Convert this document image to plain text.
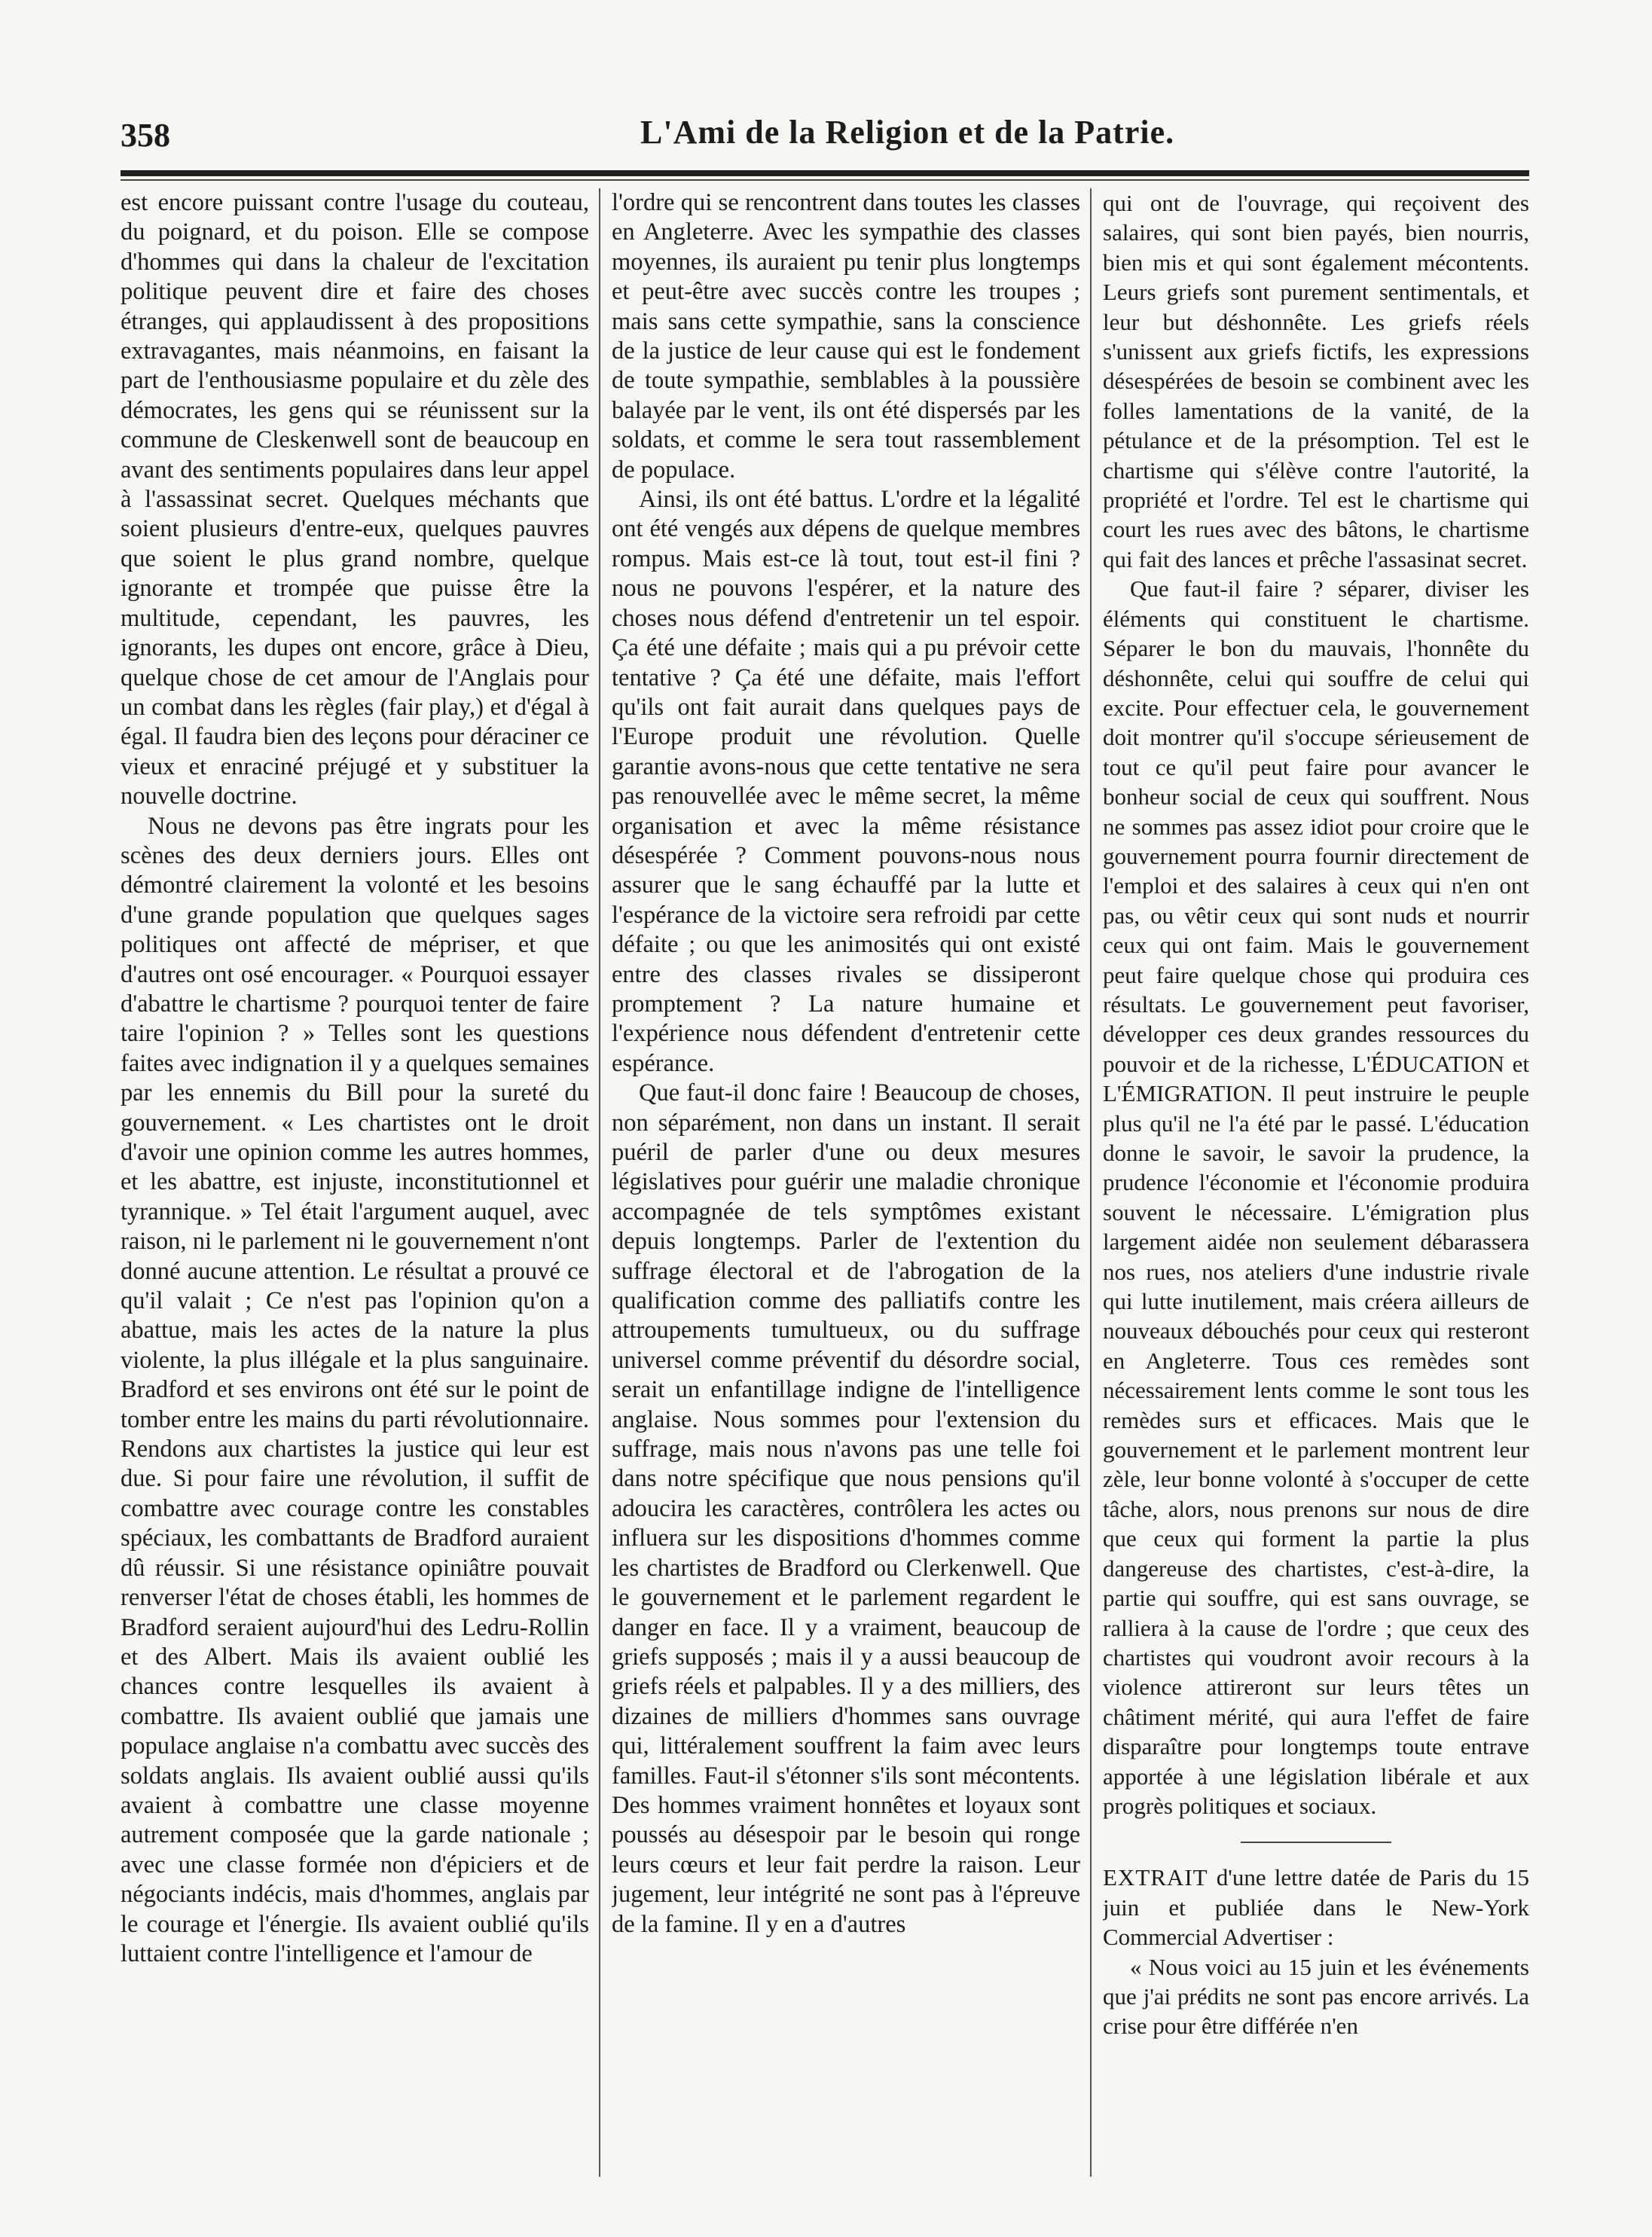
358	L'Ami de la Religion et de la Patrie.

est encore puissant contre l'usage du couteau, du poignard, et du poison. Elle se compose d'hommes qui dans la chaleur de l'excitation politique peuvent dire et faire des choses étranges, qui applaudissent à des propositions extravagantes, mais néanmoins, en faisant la part de l'enthousiasme populaire et du zèle des démocrates, les gens qui se réunissent sur la commune de Cleskenwell sont de beaucoup en avant des sentiments populaires dans leur appel à l'assassinat secret. Quelques méchants que soient plusieurs d'entre-eux, quelques pauvres que soient le plus grand nombre, quelque ignorante et trompée que puisse être la multitude, cependant, les pauvres, les ignorants, les dupes ont encore, grâce à Dieu, quelque chose de cet amour de l'Anglais pour un combat dans les règles (fair play,) et d'égal à égal. Il faudra bien des leçons pour déraciner ce vieux et enraciné préjugé et y substituer la nouvelle doctrine.

Nous ne devons pas être ingrats pour les scènes des deux derniers jours. Elles ont démontré clairement la volonté et les besoins d'une grande population que quelques sages politiques ont affecté de mépriser, et que d'autres ont osé encourager. « Pourquoi essayer d'abattre le chartisme ? pourquoi tenter de faire taire l'opinion ? » Telles sont les questions faites avec indignation il y a quelques semaines par les ennemis du Bill pour la sureté du gouvernement. « Les chartistes ont le droit d'avoir une opinion comme les autres hommes, et les abattre, est injuste, inconstitutionnel et tyrannique. » Tel était l'argument auquel, avec raison, ni le parlement ni le gouvernement n'ont donné aucune attention. Le résultat a prouvé ce qu'il valait ; Ce n'est pas l'opinion qu'on a abattue, mais les actes de la nature la plus violente, la plus illégale et la plus sanguinaire. Bradford et ses environs ont été sur le point de tomber entre les mains du parti révolutionnaire. Rendons aux chartistes la justice qui leur est due. Si pour faire une révolution, il suffit de combattre avec courage contre les constables spéciaux, les combattants de Bradford auraient dû réussir. Si une résistance opiniâtre pouvait renverser l'état de choses établi, les hommes de Bradford seraient aujourd'hui des Ledru-Rollin et des Albert. Mais ils avaient oublié les chances contre lesquelles ils avaient à combattre. Ils avaient oublié que jamais une populace anglaise n'a combattu avec succès des soldats anglais. Ils avaient oublié aussi qu'ils avaient à combattre une classe moyenne autrement composée que la garde nationale ; avec une classe formée non d'épiciers et de négociants indécis, mais d'hommes, anglais par le courage et l'énergie. Ils avaient oublié qu'ils luttaient contre l'intelligence et l'amour de

l'ordre qui se rencontrent dans toutes les classes en Angleterre. Avec les sympathie des classes moyennes, ils auraient pu tenir plus longtemps et peut-être avec succès contre les troupes ; mais sans cette sympathie, sans la conscience de la justice de leur cause qui est le fondement de toute sympathie, semblables à la poussière balayée par le vent, ils ont été dispersés par les soldats, et comme le sera tout rassemblement de populace.

Ainsi, ils ont été battus. L'ordre et la légalité ont été vengés aux dépens de quelque membres rompus. Mais est-ce là tout, tout est-il fini ? nous ne pouvons l'espérer, et la nature des choses nous défend d'entretenir un tel espoir. Ça été une défaite ; mais qui a pu prévoir cette tentative ? Ça été une défaite, mais l'effort qu'ils ont fait aurait dans quelques pays de l'Europe produit une révolution. Quelle garantie avons-nous que cette tentative ne sera pas renouvellée avec le même secret, la même organisation et avec la même résistance désespérée ? Comment pouvons-nous nous assurer que le sang échauffé par la lutte et l'espérance de la victoire sera refroidi par cette défaite ; ou que les animosités qui ont existé entre des classes rivales se dissiperont promptement ? La nature humaine et l'expérience nous défendent d'entretenir cette espérance.

Que faut-il donc faire ! Beaucoup de choses, non séparément, non dans un instant. Il serait puéril de parler d'une ou deux mesures législatives pour guérir une maladie chronique accompagnée de tels symptômes existant depuis longtemps. Parler de l'extention du suffrage électoral et de l'abrogation de la qualification comme des palliatifs contre les attroupements tumultueux, ou du suffrage universel comme préventif du désordre social, serait un enfantillage indigne de l'intelligence anglaise. Nous sommes pour l'extension du suffrage, mais nous n'avons pas une telle foi dans notre spécifique que nous pensions qu'il adoucira les caractères, contrôlera les actes ou influera sur les dispositions d'hommes comme les chartistes de Bradford ou Clerkenwell. Que le gouvernement et le parlement regardent le danger en face. Il y a vraiment, beaucoup de griefs supposés ; mais il y a aussi beaucoup de griefs réels et palpables. Il y a des milliers, des dizaines de milliers d'hommes sans ouvrage qui, littéralement souffrent la faim avec leurs familles. Faut-il s'étonner s'ils sont mécontents. Des hommes vraiment honnêtes et loyaux sont poussés au désespoir par le besoin qui ronge leurs cœurs et leur fait perdre la raison. Leur jugement, leur intégrité ne sont pas à l'épreuve de la famine. Il y en a d'autres

qui ont de l'ouvrage, qui reçoivent des salaires, qui sont bien payés, bien nourris, bien mis et qui sont également mécontents. Leurs griefs sont purement sentimentals, et leur but déshonnête. Les griefs réels s'unissent aux griefs fictifs, les expressions désespérées de besoin se combinent avec les folles lamentations de la vanité, de la pétulance et de la présomption. Tel est le chartisme qui s'élève contre l'autorité, la propriété et l'ordre. Tel est le chartisme qui court les rues avec des bâtons, le chartisme qui fait des lances et prêche l'assasinat secret.

Que faut-il faire ? séparer, diviser les éléments qui constituent le chartisme. Séparer le bon du mauvais, l'honnête du déshonnête, celui qui souffre de celui qui excite. Pour effectuer cela, le gouvernement doit montrer qu'il s'occupe sérieusement de tout ce qu'il peut faire pour avancer le bonheur social de ceux qui souffrent. Nous ne sommes pas assez idiot pour croire que le gouvernement pourra fournir directement de l'emploi et des salaires à ceux qui n'en ont pas, ou vêtir ceux qui sont nuds et nourrir ceux qui ont faim. Mais le gouvernement peut faire quelque chose qui produira ces résultats. Le gouvernement peut favoriser, développer ces deux grandes ressources du pouvoir et de la richesse, L'ÉDUCATION et L'ÉMIGRATION. Il peut instruire le peuple plus qu'il ne l'a été par le passé. L'éducation donne le savoir, le savoir la prudence, la prudence l'économie et l'économie produira souvent le nécessaire. L'émigration plus largement aidée non seulement débarassera nos rues, nos ateliers d'une industrie rivale qui lutte inutilement, mais créera ailleurs de nouveaux débouchés pour ceux qui resteront en Angleterre. Tous ces remèdes sont nécessairement lents comme le sont tous les remèdes surs et efficaces. Mais que le gouvernement et le parlement montrent leur zèle, leur bonne volonté à s'occuper de cette tâche, alors, nous prenons sur nous de dire que ceux qui forment la partie la plus dangereuse des chartistes, c'est-à-dire, la partie qui souffre, qui est sans ouvrage, se ralliera à la cause de l'ordre ; que ceux des chartistes qui voudront avoir recours à la violence attireront sur leurs têtes un châtiment mérité, qui aura l'effet de faire disparaître pour longtemps toute entrave apportée à une législation libérale et aux progrès politiques et sociaux.

EXTRAIT d'une lettre datée de Paris du 15 juin et publiée dans le New-York Commercial Advertiser :

« Nous voici au 15 juin et les événements que j'ai prédits ne sont pas encore arrivés. La crise pour être différée n'en
